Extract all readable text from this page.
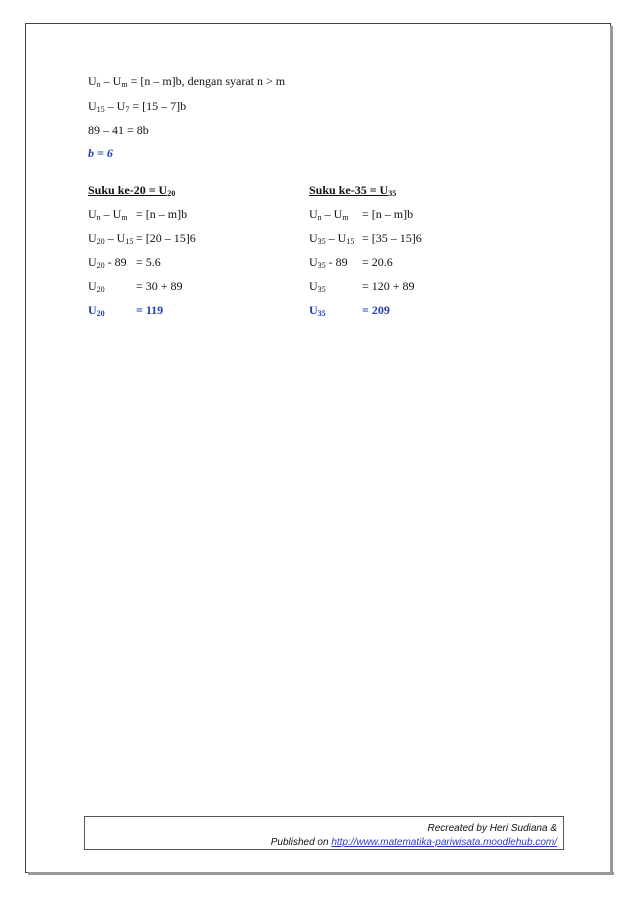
$U_n - U_m = [n - m]b$, dengan syarat n > m
$U_{15} - U_7 = [15 - 7]b$
89 – 41 = 8b
b = 6
Suku $ke-20 = U_{20}$
$U_n - U_m = [n - m]b$
$U_{20} - U_{15} = [20 - 15]6$
$U_{20} - 89 = 5.6$
$U_{20}$	= 30 + 89
$U_{20}$	= 119
Suku $ke-35 = U_{35}$
$U_n - U_m = [n - m]b$
$U_{35} - U_{15} = [35 - 15]6$
$U_{35} - 89 = 20.6$
$U_{35}$	= 120 + 89
$U_{35}$	= 209
Recreated by Heri Sudiana &
Published on http://www.matematika-pariwisata.moodlehub.com/
